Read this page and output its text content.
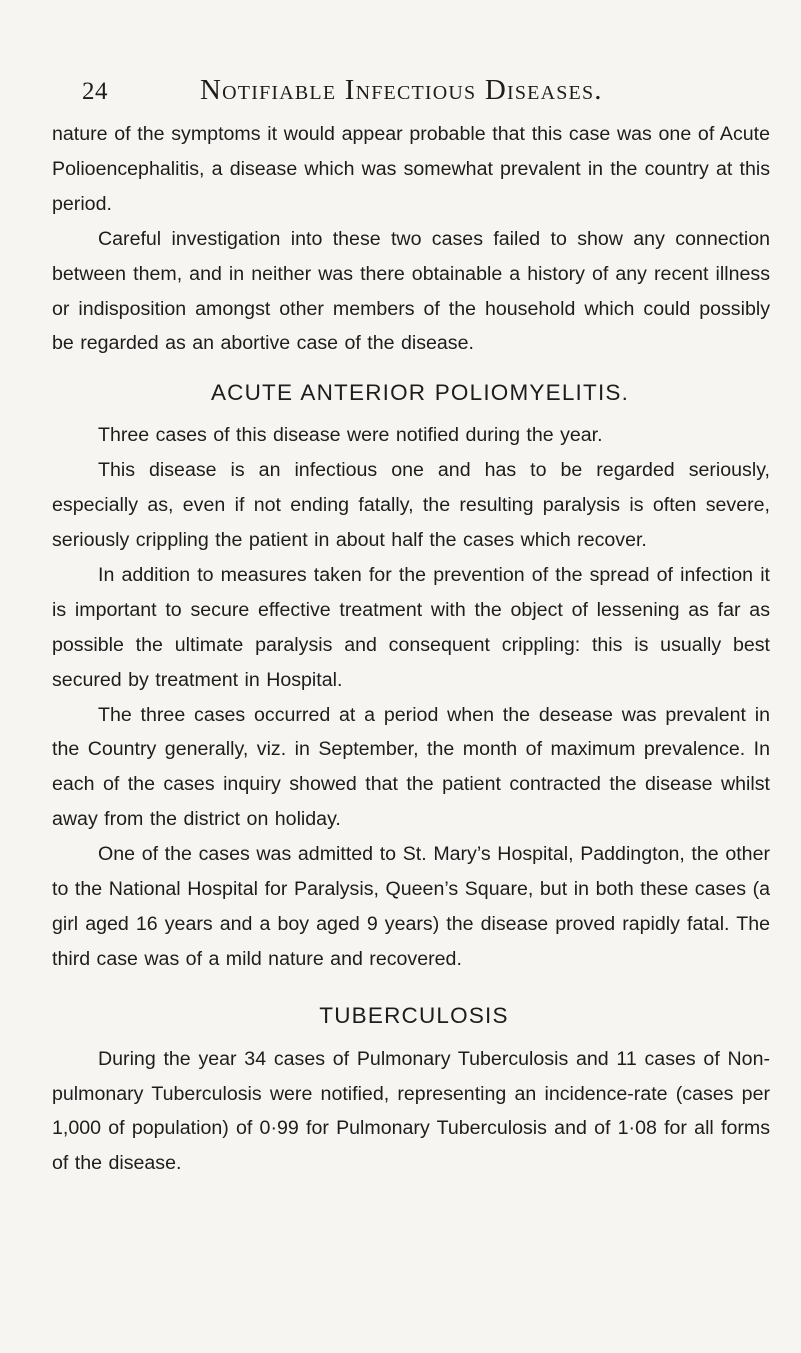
24	Notifiable Infectious Diseases.

nature of the symptoms it would appear probable that this case was one of Acute Polioencephalitis, a disease which was somewhat prevalent in the country at this period.

Careful investigation into these two cases failed to show any connection between them, and in neither was there obtainable a history of any recent illness or indisposition amongst other members of the household which could possibly be regarded as an abortive case of the disease.

ACUTE ANTERIOR POLIOMYELITIS.

Three cases of this disease were notified during the year.

This disease is an infectious one and has to be regarded seriously, especially as, even if not ending fatally, the resulting paralysis is often severe, seriously crippling the patient in about half the cases which recover.

In addition to measures taken for the prevention of the spread of infection it is important to secure effective treatment with the object of lessening as far as possible the ultimate paralysis and consequent crippling: this is usually best secured by treatment in Hospital.

The three cases occurred at a period when the desease was prevalent in the Country generally, viz. in September, the month of maximum prevalence. In each of the cases inquiry showed that the patient contracted the disease whilst away from the district on holiday.

One of the cases was admitted to St. Mary’s Hospital, Paddington, the other to the National Hospital for Paralysis, Queen’s Square, but in both these cases (a girl aged 16 years and a boy aged 9 years) the disease proved rapidly fatal. The third case was of a mild nature and recovered.

TUBERCULOSIS

During the year 34 cases of Pulmonary Tuberculosis and 11 cases of Non-pulmonary Tuberculosis were notified, representing an incidence-rate (cases per 1,000 of population) of 0·99 for Pulmonary Tuberculosis and of 1·08 for all forms of the disease.
